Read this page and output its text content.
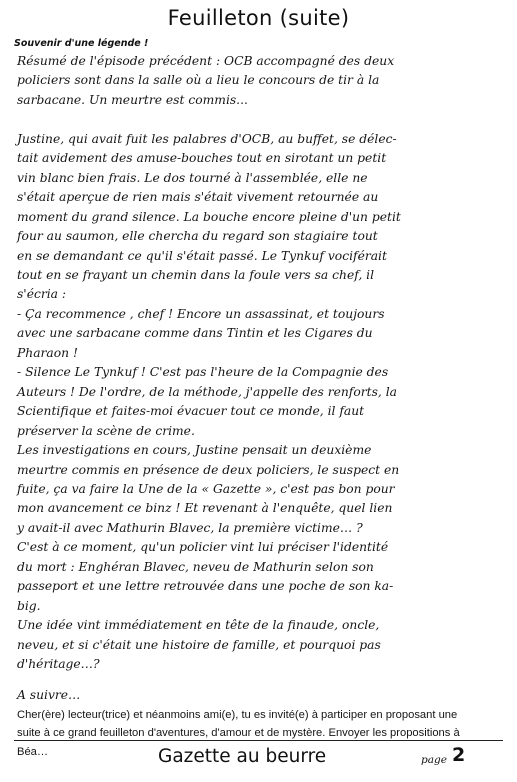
Feuilleton (suite)
Souvenir d'une légende !

Résumé de l'épisode précédent : OCB accompagné des deux

policiers sont dans la salle où a lieu le concours de tir à la

sarbacane. Un meurtre est commis...

Justine, qui avait fuit les palabres d'OCB, au buffet, se délec-

tait avidement des amuse-bouches tout en sirotant un petit

vin blanc bien frais. Le dos tourné à l'assemblée, elle ne

s'était aperçue de rien mais s'était vivement retournée au

moment du grand silence. La bouche encore pleine d'un petit

four au saumon, elle chercha du regard son stagiaire tout

en se demandant ce qu'il s'était passé. Le Tynkuf vociférait

tout en se frayant un chemin dans la foule vers sa chef, il

s'écria :

- Ça recommence , chef ! Encore un assassinat, et toujours

avec une sarbacane comme dans Tintin et les Cigares du

Pharaon !

- Silence Le Tynkuf ! C'est pas l'heure de la Compagnie des

Auteurs ! De l'ordre, de la méthode, j'appelle des renforts, la

Scientifique et faites-moi évacuer tout ce monde, il faut

préserver la scène de crime.

Les investigations en cours, Justine pensait un deuxième

meurtre commis en présence de deux policiers, le suspect en

fuite, ça va faire la Une de la « Gazette », c'est pas bon pour

mon avancement ce binz ! Et revenant à l'enquête, quel lien

y avait-il avec Mathurin Blavec, la première victime… ?

C'est à ce moment, qu'un policier vint lui préciser l'identité

du mort : Enghéran Blavec, neveu de Mathurin selon son

passeport et une lettre retrouvée dans une poche de son ka-

big.

Une idée vint immédiatement en tête de la finaude, oncle,

neveu, et si c'était une histoire de famille, et pourquoi pas

d'héritage…?

A suivre…

Cher(ère) lecteur(trice) et néanmoins ami(e), tu es invité(e) à participer en proposant une

suite à ce grand feuilleton d'aventures, d'amour et de mystère. Envoyer les propositions à

Béa…	Gazette au beurre	page 2
